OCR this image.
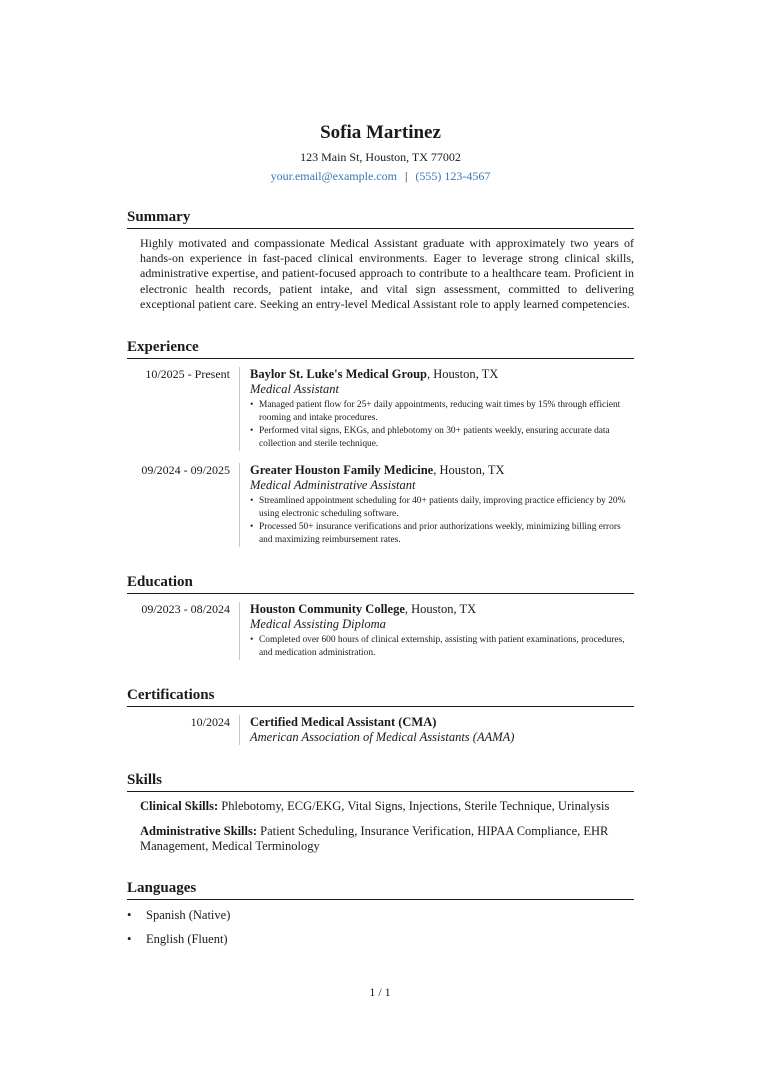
Sofia Martinez
123 Main St, Houston, TX 77002
your.email@example.com | (555) 123-4567
Summary
Highly motivated and compassionate Medical Assistant graduate with approximately two years of hands-on experience in fast-paced clinical environments. Eager to leverage strong clinical skills, administrative expertise, and patient-focused approach to contribute to a healthcare team. Proficient in electronic health records, patient intake, and vital sign assessment, committed to delivering exceptional patient care. Seeking an entry-level Medical Assistant role to apply learned competencies.
Experience
10/2025 - Present	Baylor St. Luke's Medical Group, Houston, TX
Medical Assistant
• Managed patient flow for 25+ daily appointments, reducing wait times by 15% through efficient rooming and intake procedures.
• Performed vital signs, EKGs, and phlebotomy on 30+ patients weekly, ensuring accurate data collection and sterile technique.
09/2024 - 09/2025	Greater Houston Family Medicine, Houston, TX
Medical Administrative Assistant
• Streamlined appointment scheduling for 40+ patients daily, improving practice efficiency by 20% using electronic scheduling software.
• Processed 50+ insurance verifications and prior authorizations weekly, minimizing billing errors and maximizing reimbursement rates.
Education
09/2023 - 08/2024	Houston Community College, Houston, TX
Medical Assisting Diploma
• Completed over 600 hours of clinical externship, assisting with patient examinations, procedures, and medication administration.
Certifications
10/2024	Certified Medical Assistant (CMA)
American Association of Medical Assistants (AAMA)
Skills
Clinical Skills: Phlebotomy, ECG/EKG, Vital Signs, Injections, Sterile Technique, Urinalysis
Administrative Skills: Patient Scheduling, Insurance Verification, HIPAA Compliance, EHR Management, Medical Terminology
Languages
• Spanish (Native)
• English (Fluent)
1 / 1
